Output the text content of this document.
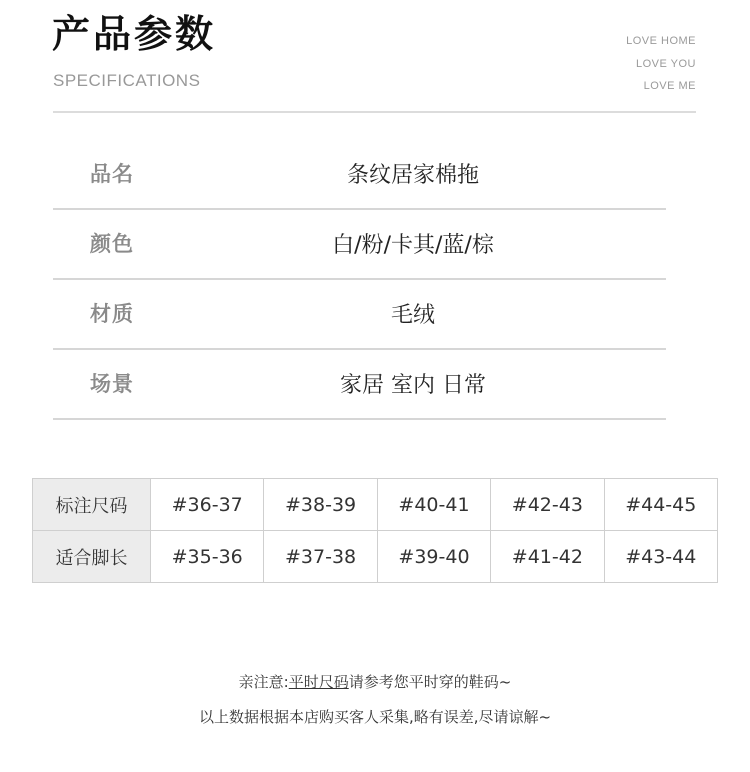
产品参数
SPECIFICATIONS
LOVE HOME
LOVE YOU
LOVE ME
品名	条纹居家棉拖
颜色	白/粉/卡其/蓝/棕
材质	毛绒
场景	家居 室内 日常
标注尺码	#36-37	#38-39	#40-41	#42-43	#44-45
适合脚长	#35-36	#37-38	#39-40	#41-42	#43-44
亲注意:平时尺码请参考您平时穿的鞋码~
以上数据根据本店购买客人采集,略有误差,尽请谅解~
